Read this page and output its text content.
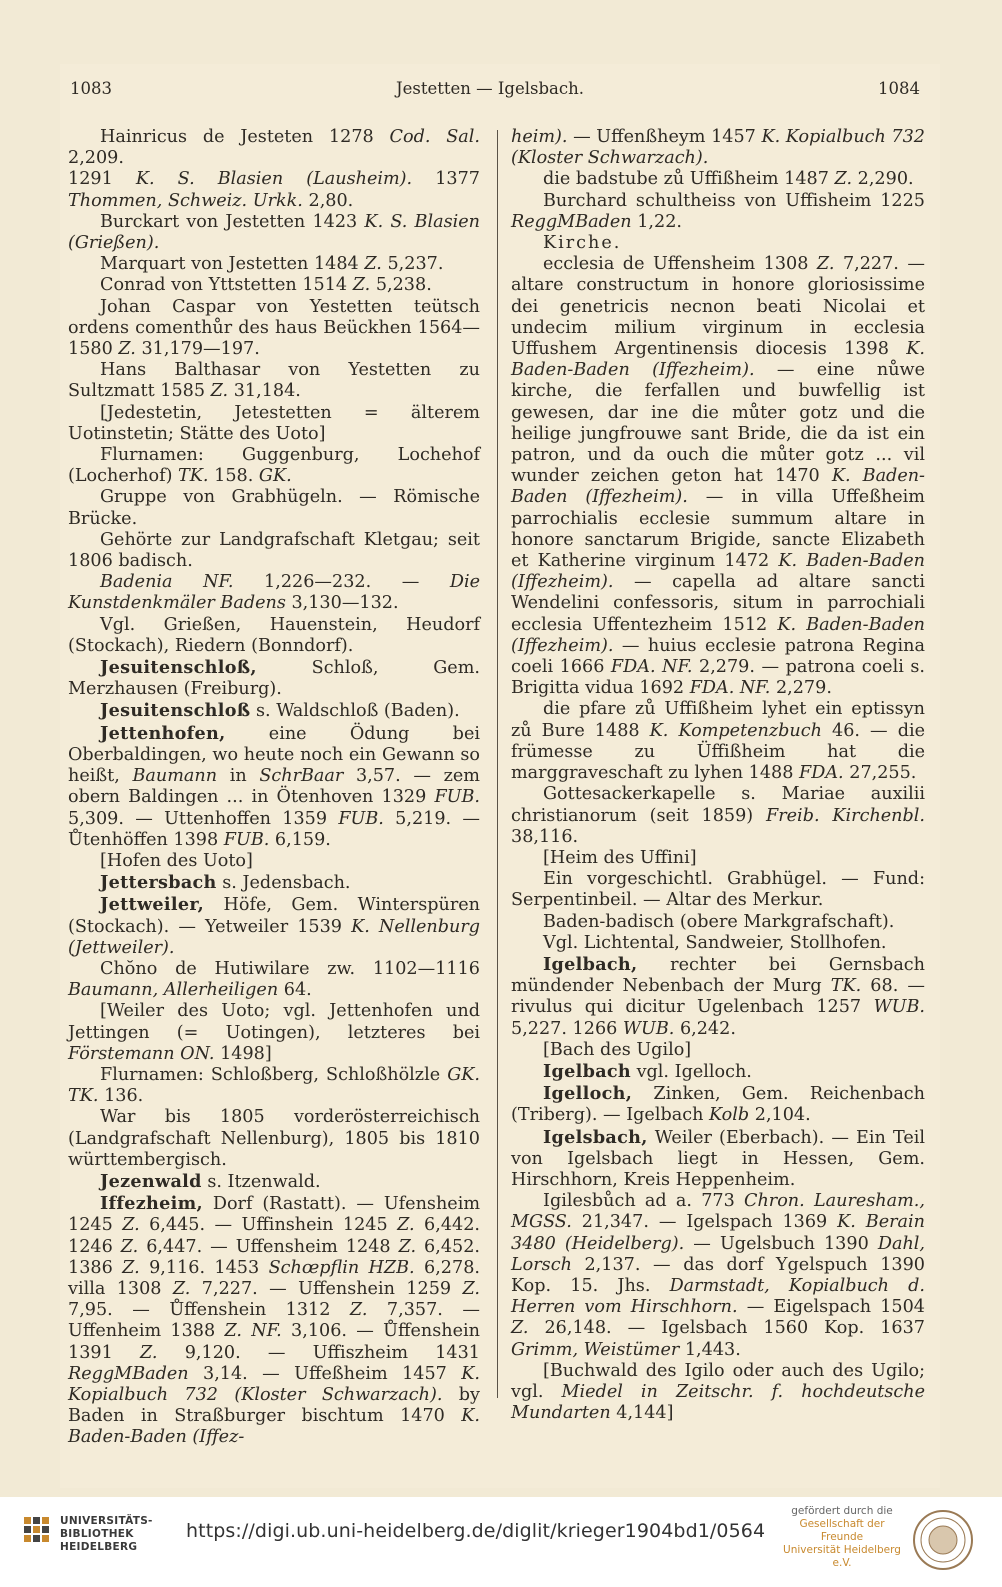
1083	Jestetten — Igelsbach.	1084

Hainricus de Jesteten 1278 Cod. Sal. 2,209.

1291 K. S. Blasien (Lausheim). 1377 Thommen, Schweiz. Urkk. 2,80.

Burckart von Jestetten 1423 K. S. Blasien (Grießen).

Marquart von Jestetten 1484 Z. 5,237.

Conrad von Yttstetten 1514 Z. 5,238.

Johan Caspar von Yestetten teütsch ordens comenthůr des haus Beückhen 1564—1580 Z. 31,179—197.

Hans Balthasar von Yestetten zu Sultzmatt 1585 Z. 31,184.

[Jedestetin, Jetestetten = älterem Uotinstetin; Stätte des Uoto]

Flurnamen: Guggenburg, Lochehof (Locherhof) TK. 158. GK.

Gruppe von Grabhügeln. — Römische Brücke.

Gehörte zur Landgrafschaft Kletgau; seit 1806 badisch.

Badenia NF. 1,226—232. — Die Kunstdenkmäler Badens 3,130—132.

Vgl. Grießen, Hauenstein, Heudorf (Stockach), Riedern (Bonndorf).

Jesuitenschloß, Schloß, Gem. Merzhausen (Freiburg).

Jesuitenschloß s. Waldschloß (Baden).

Jettenhofen, eine Ödung bei Oberbaldingen, wo heute noch ein Gewann so heißt, Baumann in SchrBaar 3,57. — zem obern Baldingen ... in Ötenhoven 1329 FUB. 5,309. — Uttenhoffen 1359 FUB. 5,219. — Ůtenhöffen 1398 FUB. 6,159.

[Hofen des Uoto]

Jettersbach s. Jedensbach.

Jettweiler, Höfe, Gem. Winterspüren (Stockach). — Yetweiler 1539 K. Nellenburg (Jettweiler).

Chŏno de Hutiwilare zw. 1102—1116 Baumann, Allerheiligen 64.

[Weiler des Uoto; vgl. Jettenhofen und Jettingen (= Uotingen), letzteres bei Förstemann ON. 1498]

Flurnamen: Schloßberg, Schloßhölzle GK. TK. 136.

War bis 1805 vorderösterreichisch (Landgrafschaft Nellenburg), 1805 bis 1810 württembergisch.

Jezenwald s. Itzenwald.

Iffezheim, Dorf (Rastatt). — Ufensheim 1245 Z. 6,445. — Uffinshein 1245 Z. 6,442. 1246 Z. 6,447. — Uffensheim 1248 Z. 6,452. 1386 Z. 9,116. 1453 Schœpflin HZB. 6,278. villa 1308 Z. 7,227. — Uffenshein 1259 Z. 7,95. — Ůffenshein 1312 Z. 7,357. — Uffenheim 1388 Z. NF. 3,106. — Ůffenshein 1391 Z. 9,120. — Uffiszheim 1431 ReggMBaden 3,14. — Uffeßheim 1457 K. Kopialbuch 732 (Kloster Schwarzach). by Baden in Straßburger bischtum 1470 K. Baden-Baden (Iffez-

heim). — Uffenßheym 1457 K. Kopialbuch 732 (Kloster Schwarzach).

die badstube zů Uffißheim 1487 Z. 2,290.

Burchard schultheiss von Uffisheim 1225 ReggMBaden 1,22.

Kirche.

ecclesia de Uffensheim 1308 Z. 7,227. — altare constructum in honore gloriosissime dei genetricis necnon beati Nicolai et undecim milium virginum in ecclesia Uffushem Argentinensis diocesis 1398 K. Baden-Baden (Iffezheim). — eine nůwe kirche, die ferfallen und buwfellig ist gewesen, dar ine die můter gotz und die heilige jungfrouwe sant Bride, die da ist ein patron, und da ouch die můter gotz ... vil wunder zeichen geton hat 1470 K. Baden-Baden (Iffezheim). — in villa Uffeßheim parrochialis ecclesie summum altare in honore sanctarum Brigide, sancte Elizabeth et Katherine virginum 1472 K. Baden-Baden (Iffezheim). — capella ad altare sancti Wendelini confessoris, situm in parrochiali ecclesia Uffentezheim 1512 K. Baden-Baden (Iffezheim). — huius ecclesie patrona Regina coeli 1666 FDA. NF. 2,279. — patrona coeli s. Brigitta vidua 1692 FDA. NF. 2,279.

die pfare zů Uffißheim lyhet ein eptissyn zů Bure 1488 K. Kompetenzbuch 46. — die frümesse zu Üffißheim hat die marggraveschaft zu lyhen 1488 FDA. 27,255.

Gottesackerkapelle s. Mariae auxilii christianorum (seit 1859) Freib. Kirchenbl. 38,116.

[Heim des Uffini]

Ein vorgeschichtl. Grabhügel. — Fund: Serpentinbeil. — Altar des Merkur.

Baden-badisch (obere Markgrafschaft).

Vgl. Lichtental, Sandweier, Stollhofen.

Igelbach, rechter bei Gernsbach mündender Nebenbach der Murg TK. 68. — rivulus qui dicitur Ugelenbach 1257 WUB. 5,227. 1266 WUB. 6,242.

[Bach des Ugilo]

Igelbach vgl. Igelloch.

Igelloch, Zinken, Gem. Reichenbach (Triberg). — Igelbach Kolb 2,104.

Igelsbach, Weiler (Eberbach). — Ein Teil von Igelsbach liegt in Hessen, Gem. Hirschhorn, Kreis Heppenheim.

Igilesbůch ad a. 773 Chron. Lauresham., MGSS. 21,347. — Igelspach 1369 K. Berain 3480 (Heidelberg). — Ugelsbuch 1390 Dahl, Lorsch 2,137. — das dorf Ygelspuch 1390 Kop. 15. Jhs. Darmstadt, Kopialbuch d. Herren vom Hirschhorn. — Eigelspach 1504 Z. 26,148. — Igelsbach 1560 Kop. 1637 Grimm, Weistümer 1,443.

[Buchwald des Igilo oder auch des Ugilo; vgl. Miedel in Zeitschr. f. hochdeutsche Mundarten 4,144]

UNIVERSITÄTS-
BIBLIOTHEK
HEIDELBERG
https://digi.ub.uni-heidelberg.de/diglit/krieger1904bd1/0564
gefördert durch die
Gesellschaft der Freunde
Universität Heidelberg e.V.
